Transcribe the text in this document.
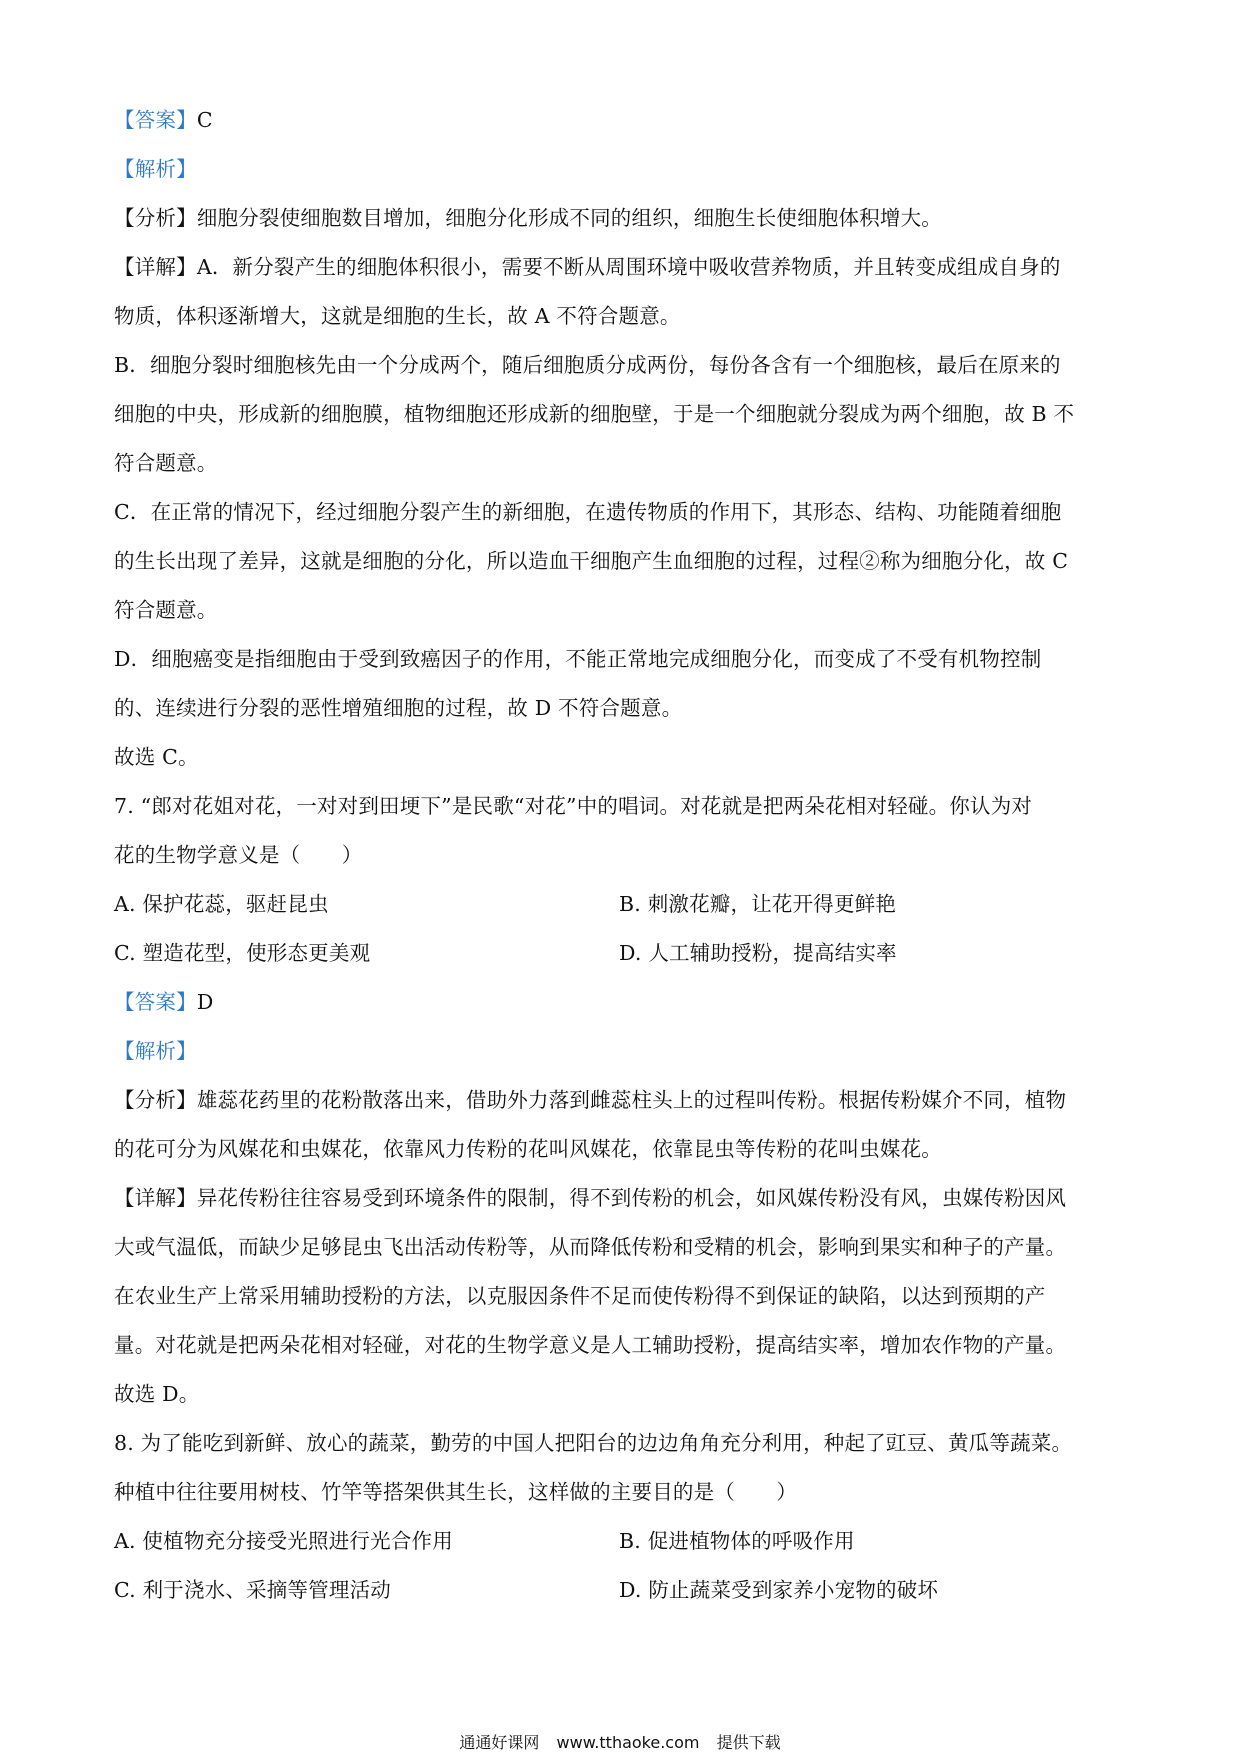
【答案】C
【解析】
【分析】细胞分裂使细胞数目增加，细胞分化形成不同的组织，细胞生长使细胞体积增大。
【详解】A．新分裂产生的细胞体积很小，需要不断从周围环境中吸收营养物质，并且转变成组成自身的
物质，体积逐渐增大，这就是细胞的生长，故 A 不符合题意。
B．细胞分裂时细胞核先由一个分成两个，随后细胞质分成两份，每份各含有一个细胞核，最后在原来的
细胞的中央，形成新的细胞膜，植物细胞还形成新的细胞壁，于是一个细胞就分裂成为两个细胞，故 B 不
符合题意。
C．在正常的情况下，经过细胞分裂产生的新细胞，在遗传物质的作用下，其形态、结构、功能随着细胞
的生长出现了差异，这就是细胞的分化，所以造血干细胞产生血细胞的过程，过程②称为细胞分化，故 C
符合题意。
D．细胞癌变是指细胞由于受到致癌因子的作用，不能正常地完成细胞分化，而变成了不受有机物控制
的、连续进行分裂的恶性增殖细胞的过程，故 D 不符合题意。
故选 C。
7. “郎对花姐对花，一对对到田埂下”是民歌“对花”中的唱词。对花就是把两朵花相对轻碰。你认为对
花的生物学意义是（　　）
A. 保护花蕊，驱赶昆虫	B. 刺激花瓣，让花开得更鲜艳
C. 塑造花型，使形态更美观	D. 人工辅助授粉，提高结实率
【答案】D
【解析】
【分析】雄蕊花药里的花粉散落出来，借助外力落到雌蕊柱头上的过程叫传粉。根据传粉媒介不同，植物
的花可分为风媒花和虫媒花，依靠风力传粉的花叫风媒花，依靠昆虫等传粉的花叫虫媒花。
【详解】异花传粉往往容易受到环境条件的限制，得不到传粉的机会，如风媒传粉没有风，虫媒传粉因风
大或气温低，而缺少足够昆虫飞出活动传粉等，从而降低传粉和受精的机会，影响到果实和种子的产量。
在农业生产上常采用辅助授粉的方法，以克服因条件不足而使传粉得不到保证的缺陷，以达到预期的产
量。对花就是把两朵花相对轻碰，对花的生物学意义是人工辅助授粉，提高结实率，增加农作物的产量。
故选 D。
8. 为了能吃到新鲜、放心的蔬菜，勤劳的中国人把阳台的边边角角充分利用，种起了豇豆、黄瓜等蔬菜。
种植中往往要用树枝、竹竿等搭架供其生长，这样做的主要目的是（　　）
A. 使植物充分接受光照进行光合作用	B. 促进植物体的呼吸作用
C. 利于浇水、采摘等管理活动	D. 防止蔬菜受到家养小宠物的破坏
通通好课网 www.tthaoke.com 提供下载
